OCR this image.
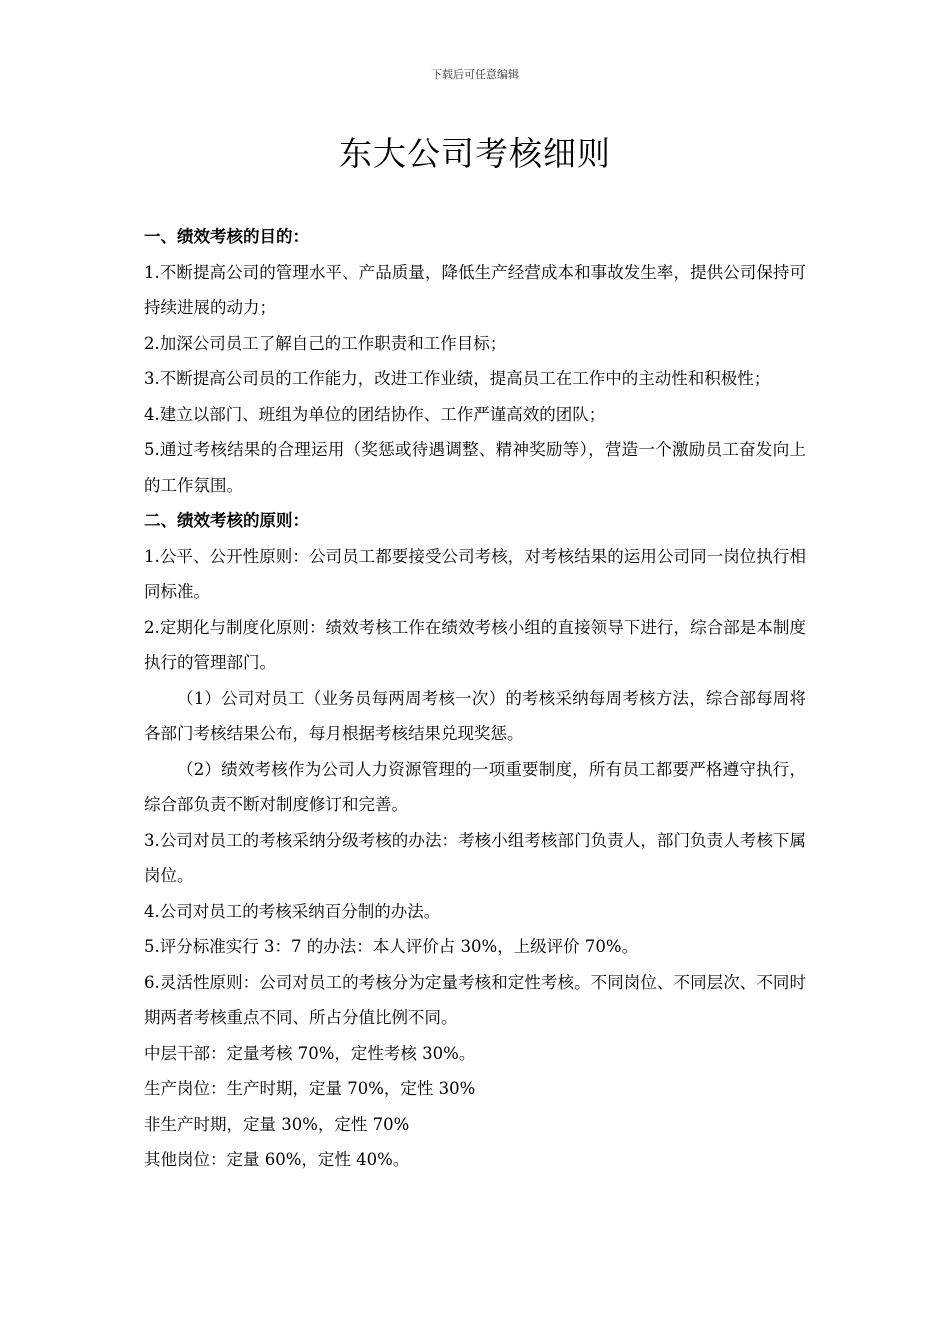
下载后可任意编辑
东大公司考核细则

一、绩效考核的目的：

1.不断提高公司的管理水平、产品质量，降低生产经营成本和事故发生率，提供公司保持可持续进展的动力；

2.加深公司员工了解自己的工作职责和工作目标；

3.不断提高公司员的工作能力，改进工作业绩，提高员工在工作中的主动性和积极性；

4.建立以部门、班组为单位的团结协作、工作严谨高效的团队；

5.通过考核结果的合理运用（奖惩或待遇调整、精神奖励等），营造一个激励员工奋发向上的工作氛围。

二、绩效考核的原则：

1.公平、公开性原则：公司员工都要接受公司考核，对考核结果的运用公司同一岗位执行相同标准。

2.定期化与制度化原则：绩效考核工作在绩效考核小组的直接领导下进行，综合部是本制度执行的管理部门。

（1）公司对员工（业务员每两周考核一次）的考核采纳每周考核方法，综合部每周将各部门考核结果公布，每月根据考核结果兑现奖惩。

（2）绩效考核作为公司人力资源管理的一项重要制度，所有员工都要严格遵守执行，综合部负责不断对制度修订和完善。

3.公司对员工的考核采纳分级考核的办法：考核小组考核部门负责人，部门负责人考核下属岗位。

4.公司对员工的考核采纳百分制的办法。

5.评分标准实行 3：7 的办法：本人评价占 30%，上级评价 70%。

6.灵活性原则：公司对员工的考核分为定量考核和定性考核。不同岗位、不同层次、不同时期两者考核重点不同、所占分值比例不同。

中层干部：定量考核 70%，定性考核 30%。

生产岗位：生产时期，定量 70%，定性 30%

非生产时期，定量 30%，定性 70%

其他岗位：定量 60%，定性 40%。
